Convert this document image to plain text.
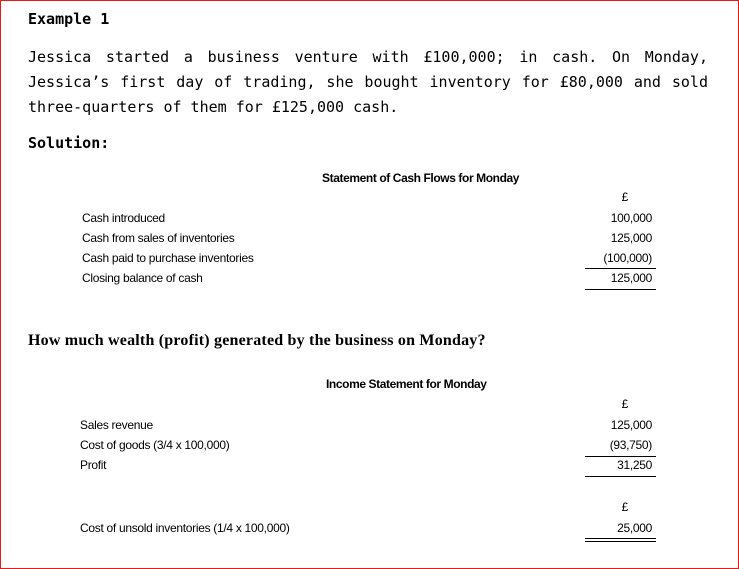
Example 1
Jessica started a business venture with £100,000; in cash. On Monday,
Jessica’s first day of trading, she bought inventory for £80,000 and sold
three-quarters of them for £125,000 cash.
Solution:
Statement of Cash Flows for Monday
£
Cash introduced	100,000
Cash from sales of inventories	125,000
Cash paid to purchase inventories	(100,000)
Closing balance of cash	125,000
How much wealth (profit) generated by the business on Monday?
Income Statement for Monday
£
Sales revenue	125,000
Cost of goods (3/4 x 100,000)	(93,750)
Profit	31,250
£
Cost of unsold inventories (1/4 x 100,000)	25,000
